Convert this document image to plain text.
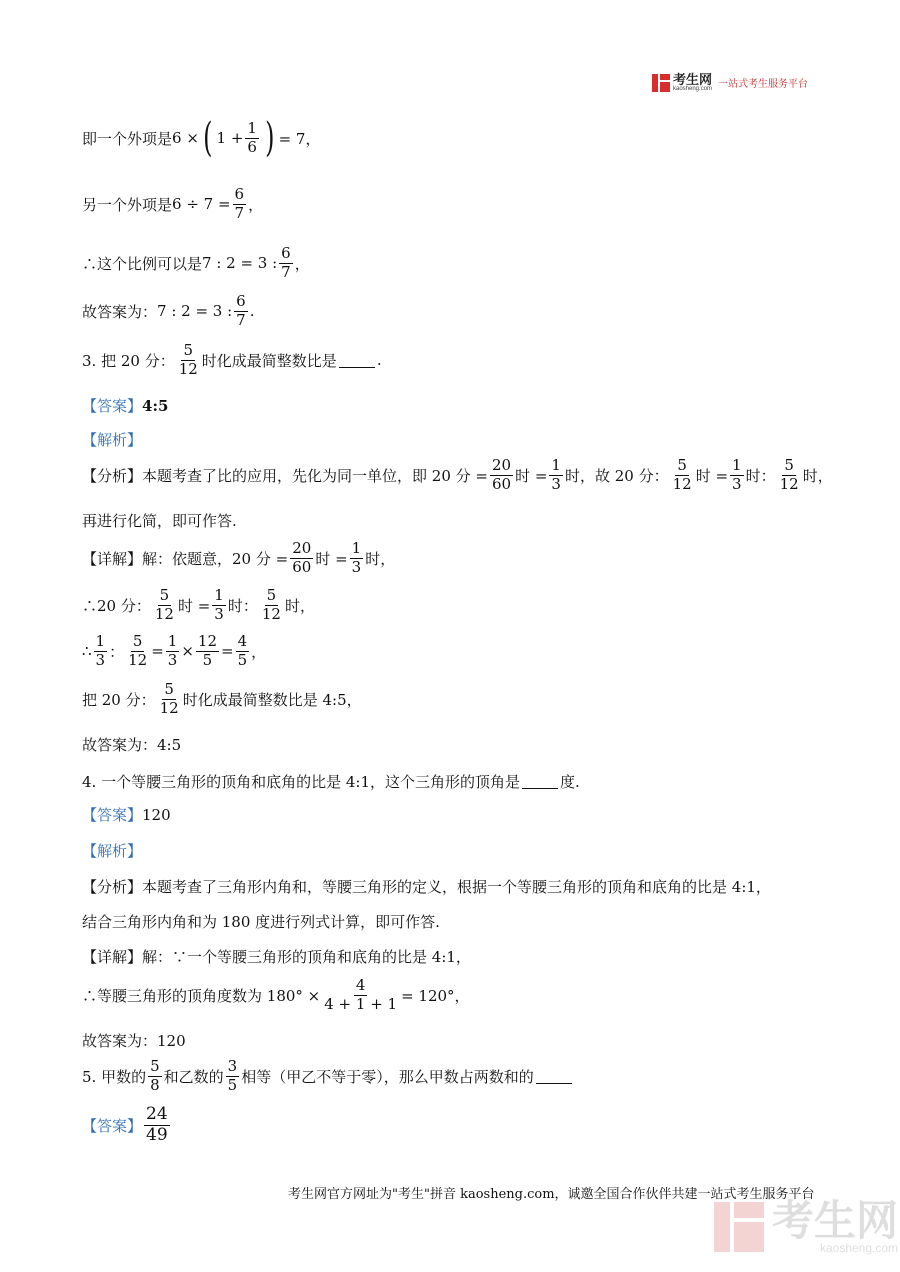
考生网
kaosheng.com 一站式考生服务平台
即一个外项是 6 × ( $1 + \frac{1}{6}$ ) = 7，
另一个外项是 $6 \div 7 = \frac{6}{7}$ ，
∴这个比例可以是 7 : 2 = 3 : $\frac{6}{7}$ ，
故答案为： 7 : 2 = 3 : $\frac{6}{7}$ .
3. 把 20 分： $\frac{5}{12}$ 时化成最简整数比是	.
【答案】 4:5
【解析】
【分析】 本题考查了比的应用，先化为同一单位，即 20 分 = $\frac{20}{60}$ 时 = $\frac{1}{3}$ 时，故 20 分： $\frac{5}{12}$ 时 = $\frac{1}{3}$ 时： $\frac{5}{12}$ 时，
再进行化简，即可作答.
【详解】 解：依题意，20 分 = $\frac{20}{60}$ 时 = $\frac{1}{3}$ 时，
∴20 分： $\frac{5}{12}$ 时 = $\frac{1}{3}$ 时： $\frac{5}{12}$ 时，
∴ $\frac{1}{3}$ ： $\frac{5}{12} = \frac{1}{3} \times \frac{12}{5} = \frac{4}{5}$ ，
把 20 分： $\frac{5}{12}$ 时化成最简整数比是 4:5，
故答案为：4:5
4. 一个等腰三角形的顶角和底角的比是 4:1，这个三角形的顶角是	度.
【答案】 120
【解析】
【分析】 本题考查了三角形内角和，等腰三角形的定义，根据一个等腰三角形的顶角和底角的比是 4:1，
结合三角形内角和为 180 度进行列式计算，即可作答.
【详解】 解：∵一个等腰三角形的顶角和底角的比是 4:1，
∴等腰三角形的顶角度数为 $180^\circ \times \frac{4}{4 + 1 + 1} = 120^\circ$，
故答案为：120
5. 甲数的 $\frac{5}{8}$ 和乙数的 $\frac{3}{5}$ 相等（甲乙不等于零），那么甲数占两数和的
【答案】 $\frac{24}{49}$
考生网官方网址为"考生"拼音 kaosheng.com，诚邀全国合作伙伴共建一站式考生服务平台
考生网
kaosheng.com
